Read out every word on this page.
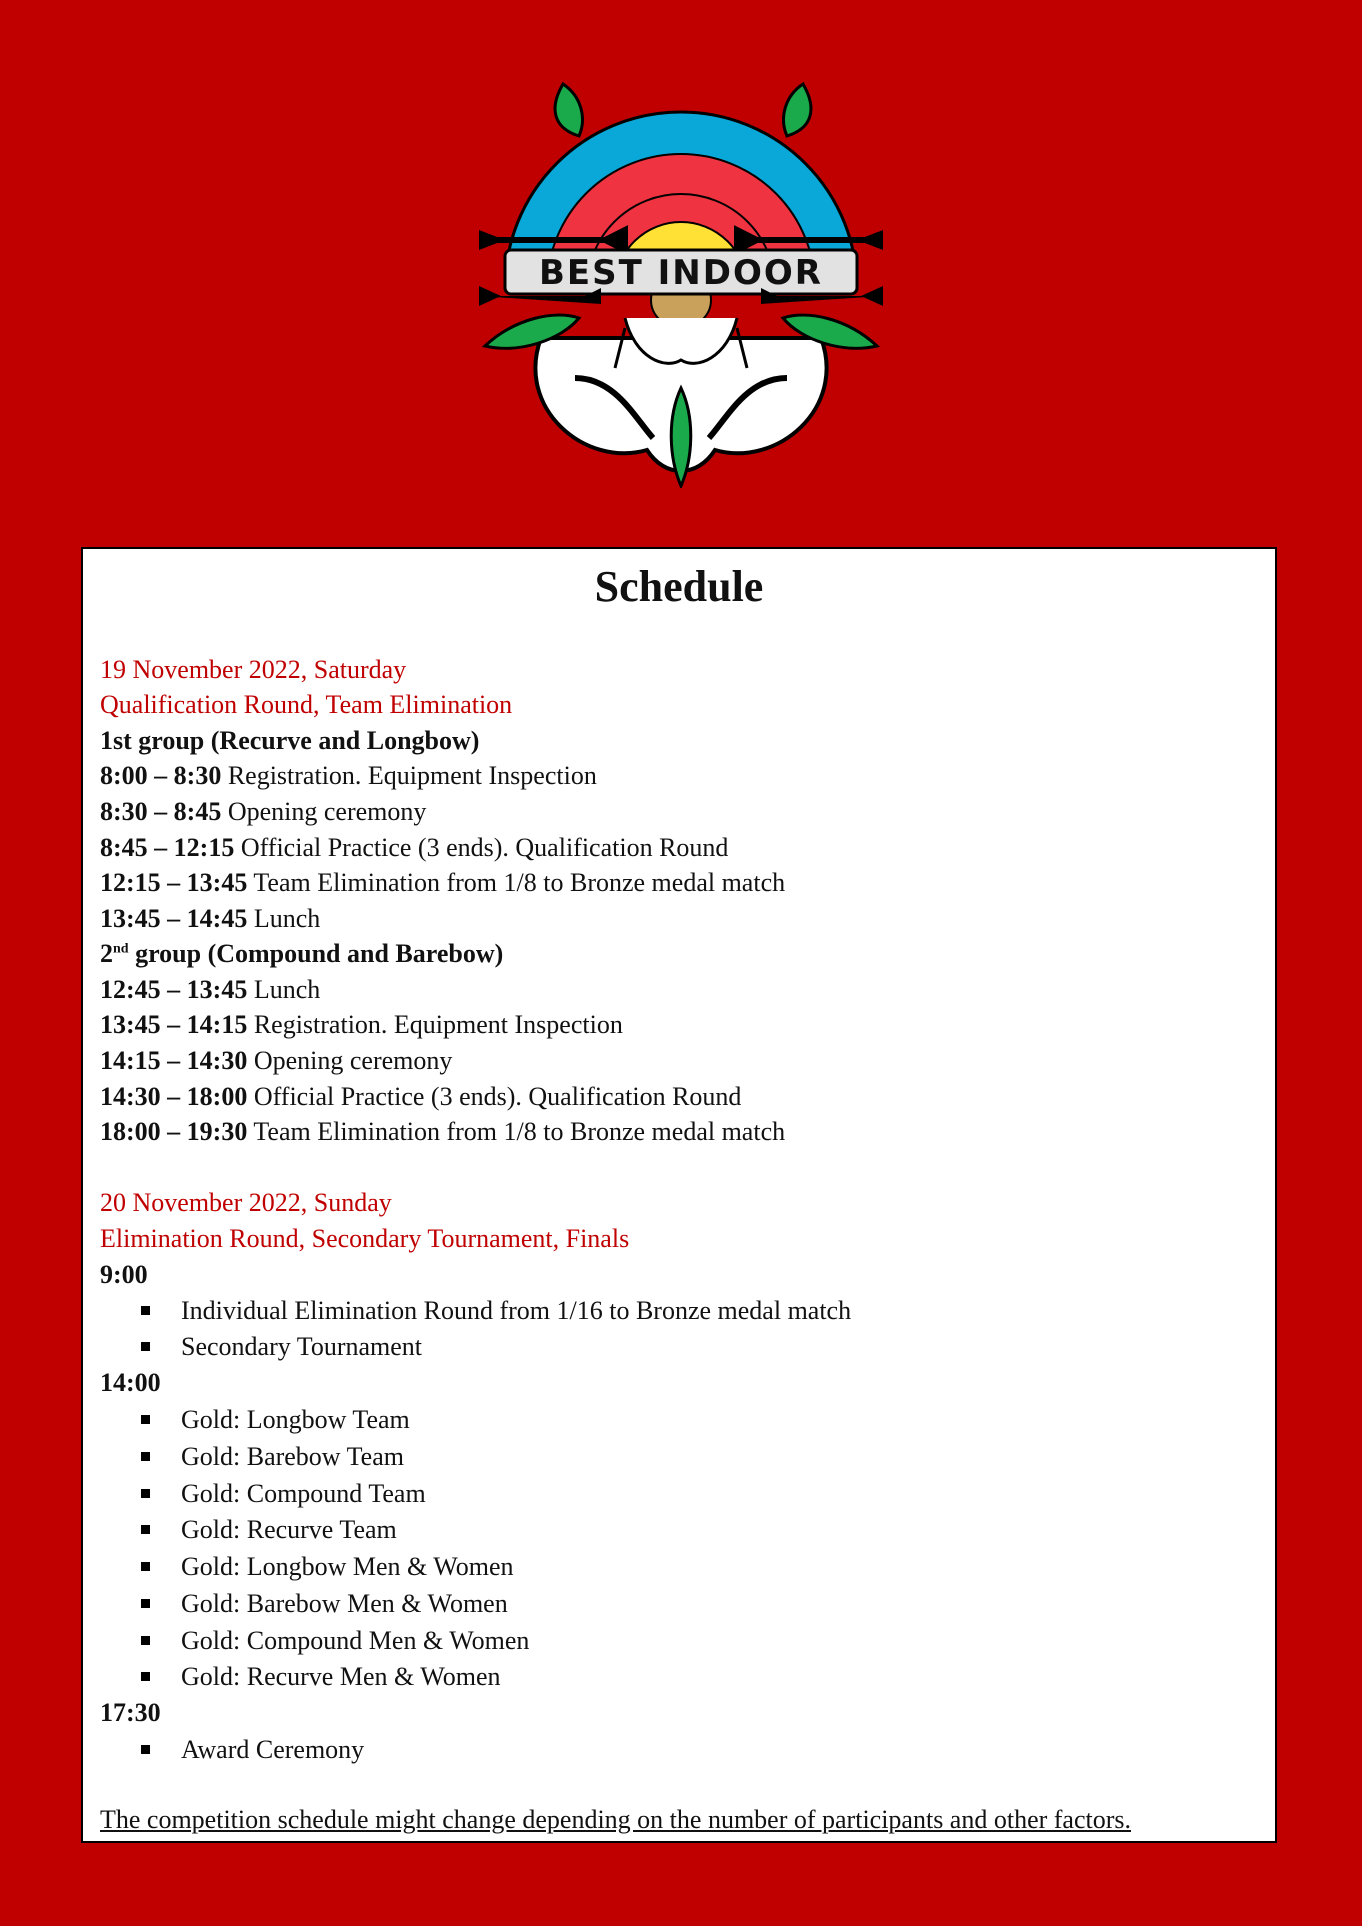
BEST INDOOR
Schedule
19 November 2022, Saturday
Qualification Round, Team Elimination
1st group (Recurve and Longbow)
8:00 – 8:30 Registration. Equipment Inspection
8:30 – 8:45 Opening ceremony
8:45 – 12:15 Official Practice (3 ends). Qualification Round
12:15 – 13:45 Team Elimination from 1/8 to Bronze medal match
13:45 – 14:45 Lunch
2nd group (Compound and Barebow)
12:45 – 13:45 Lunch
13:45 – 14:15 Registration. Equipment Inspection
14:15 – 14:30 Opening ceremony
14:30 – 18:00 Official Practice (3 ends). Qualification Round
18:00 – 19:30 Team Elimination from 1/8 to Bronze medal match
20 November 2022, Sunday
Elimination Round, Secondary Tournament, Finals
9:00
Individual Elimination Round from 1/16 to Bronze medal match
Secondary Tournament
14:00
Gold: Longbow Team
Gold: Barebow Team
Gold: Compound Team
Gold: Recurve Team
Gold: Longbow Men & Women
Gold: Barebow Men & Women
Gold: Compound Men & Women
Gold: Recurve Men & Women
17:30
Award Ceremony
The competition schedule might change depending on the number of participants and other factors.
